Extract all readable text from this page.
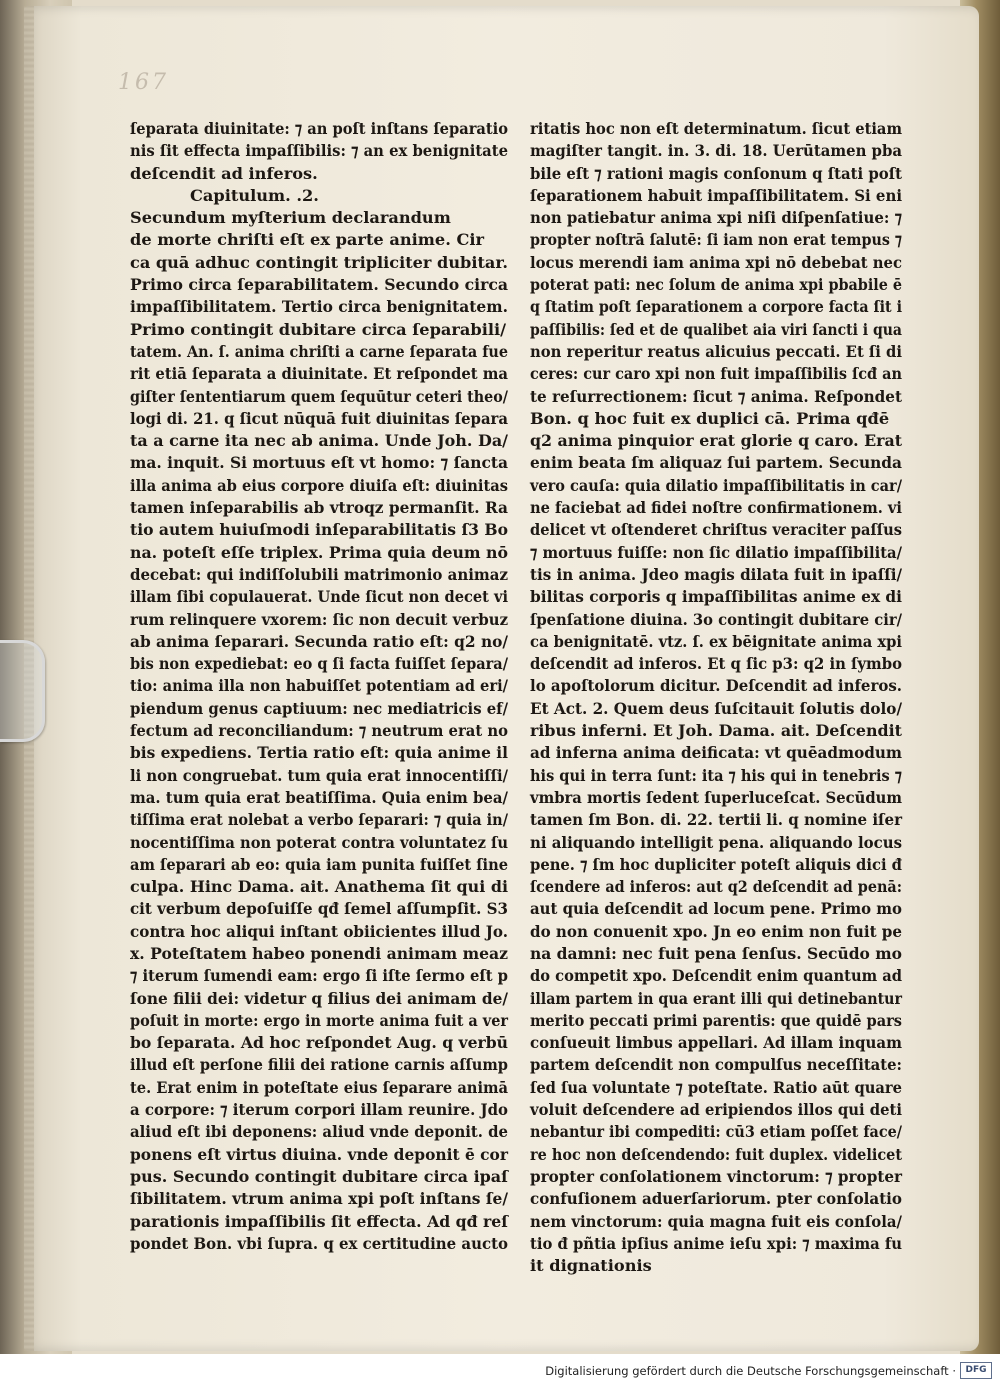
167
ſeparata diuinitate: ⁊ an poſt inſtans ſeparatio
nis ſit effecta impaſſibilis: ⁊ an ex benignitate
deſcendit ad inferos.
Capitulum. .2.
Secundum myſterium declarandum
de morte chriſti eſt ex parte anime. Cir
ca quā adhuc contingit tripliciter dubitar.
Primo circa ſeparabilitatem. Secundo circa
impaſſibilitatem. Tertio circa benignitatem.
Primo contingit dubitare circa ſeparabili/
tatem. An. ſ. anima chriſti a carne ſeparata fue
rit etiā ſeparata a diuinitate. Et reſpondet ma
giſter ſententiarum quem ſequūtur ceteri theo/
logi di. 21. q ſicut nūquā fuit diuinitas ſepara
ta a carne ita nec ab anima. Unde Joh. Da/
ma. inquit. Si mortuus eſt vt homo: ⁊ ſancta
illa anima ab eius corpore diuiſa eſt: diuinitas
tamen inſeparabilis ab vtroqz permanſit. Ra
tio autem huiuſmodi inſeparabilitatis ſ3 Bo
na. poteſt eſſe triplex. Prima quia deum nō
decebat: qui indiſſolubili matrimonio animaz
illam ſibi copulauerat. Unde ſicut non decet vi
rum relinquere vxorem: ſic non decuit verbuz
ab anima ſeparari. Secunda ratio eſt: q2 no/
bis non expediebat: eo q ſi facta fuiſſet ſepara/
tio: anima illa non habuiſſet potentiam ad eri/
piendum genus captiuum: nec mediatricis ef/
fectum ad reconciliandum: ⁊ neutrum erat no
bis expediens. Tertia ratio eſt: quia anime il
li non congruebat. tum quia erat innocentiſſi/
ma. tum quia erat beatiſſima. Quia enim bea/
tiſſima erat nolebat a verbo ſeparari: ⁊ quia in/
nocentiſſima non poterat contra voluntatez ſu
am ſeparari ab eo: quia iam punita fuiſſet ſine
culpa. Hinc Dama. ait. Anathema ſit qui di
cit verbum depoſuiſſe qđ ſemel aſſumpſit. S3
contra hoc aliqui inſtant obiicientes illud Jo.
x. Poteſtatem habeo ponendi animam meaz
⁊ iterum ſumendi eam: ergo ſi iſte ſermo eſt p
ſone filii dei: videtur q filius dei animam de/
poſuit in morte: ergo in morte anima fuit a ver
bo ſeparata. Ad hoc reſpondet Aug. q verbū
illud eſt perſone filii dei ratione carnis aſſump
te. Erat enim in poteſtate eius ſeparare animā
a corpore: ⁊ iterum corpori illam reunire. Jdo
aliud eſt ibi deponens: aliud vnde deponit. de
ponens eſt virtus diuina. vnde deponit ē cor
pus. Secundo contingit dubitare circa ipaſ
ſibilitatem. vtrum anima xpi poſt inſtans ſe/
parationis impaſſibilis ſit effecta. Ad qđ reſ
pondet Bon. vbi ſupra. q ex certitudine aucto
ritatis hoc non eſt determinatum. ſicut etiam
magiſter tangit. in. 3. di. 18. Uerūtamen pba
bile eſt ⁊ rationi magis conſonum q ſtati poſt
ſeparationem habuit impaſſibilitatem. Si eni
non patiebatur anima xpi niſi diſpenſatiue: ⁊
propter noſtrā ſalutē: ſi iam non erat tempus ⁊
locus merendi iam anima xpi nō debebat nec
poterat pati: nec ſolum de anima xpi pbabile ē
q ſtatim poſt ſeparationem a corpore facta ſit i
paſſibilis: ſed et de qualibet aia viri ſancti i qua
non reperitur reatus alicuius peccati. Et ſi di
ceres: cur caro xpi non fuit impaſſibilis ſcđ an
te reſurrectionem: ſicut ⁊ anima. Reſpondet
Bon. q hoc fuit ex duplici cā. Prima qđē
q2 anima pinquior erat glorie q caro. Erat
enim beata ſm aliquaz ſui partem. Secunda
vero cauſa: quia dilatio impaſſibilitatis in car/
ne faciebat ad fidei noſtre confirmationem. vi
delicet vt oſtenderet chriſtus veraciter paſſus
⁊ mortuus fuiſſe: non ſic dilatio impaſſibilita/
tis in anima. Jdeo magis dilata fuit in ipaſſi/
bilitas corporis q impaſſibilitas anime ex di
ſpenſatione diuina. 3o contingit dubitare cir/
ca benignitatē. vtz. ſ. ex bēignitate anima xpi
deſcendit ad inferos. Et q ſic p3: q2 in ſymbo
lo apoſtolorum dicitur. Deſcendit ad inferos.
Et Act. 2. Quem deus ſuſcitauit ſolutis dolo/
ribus inferni. Et Joh. Dama. ait. Deſcendit
ad inferna anima deificata: vt quēadmodum
his qui in terra ſunt: ita ⁊ his qui in tenebris ⁊
vmbra mortis ſedent ſuperluceſcat. Secūdum
tamen ſm Bon. di. 22. tertii li. q nomine iſer
ni aliquando intelligit pena. aliquando locus
pene. ⁊ ſm hoc dupliciter poteſt aliquis dici đ
ſcendere ad inferos: aut q2 deſcendit ad penā:
aut quia deſcendit ad locum pene. Primo mo
do non conuenit xpo. Jn eo enim non fuit pe
na damni: nec fuit pena ſenſus. Secūdo mo
do competit xpo. Deſcendit enim quantum ad
illam partem in qua erant illi qui detinebantur
merito peccati primi parentis: que quidē pars
conſueuit limbus appellari. Ad illam inquam
partem deſcendit non compulſus neceſſitate:
ſed ſua voluntate ⁊ poteſtate. Ratio aūt quare
voluit deſcendere ad eripiendos illos qui deti
nebantur ibi compediti: cū3 etiam poſſet face/
re hoc non deſcendendo: fuit duplex. videlicet
propter conſolationem vinctorum: ⁊ propter
confuſionem aduerſariorum. pter conſolatio
nem vinctorum: quia magna fuit eis conſola/
tio đ pñtia ipſius anime ieſu xpi: ⁊ maxima fu
it dignationis
Digitalisierung gefördert durch die Deutsche Forschungsgemeinschaft ·	DFG
